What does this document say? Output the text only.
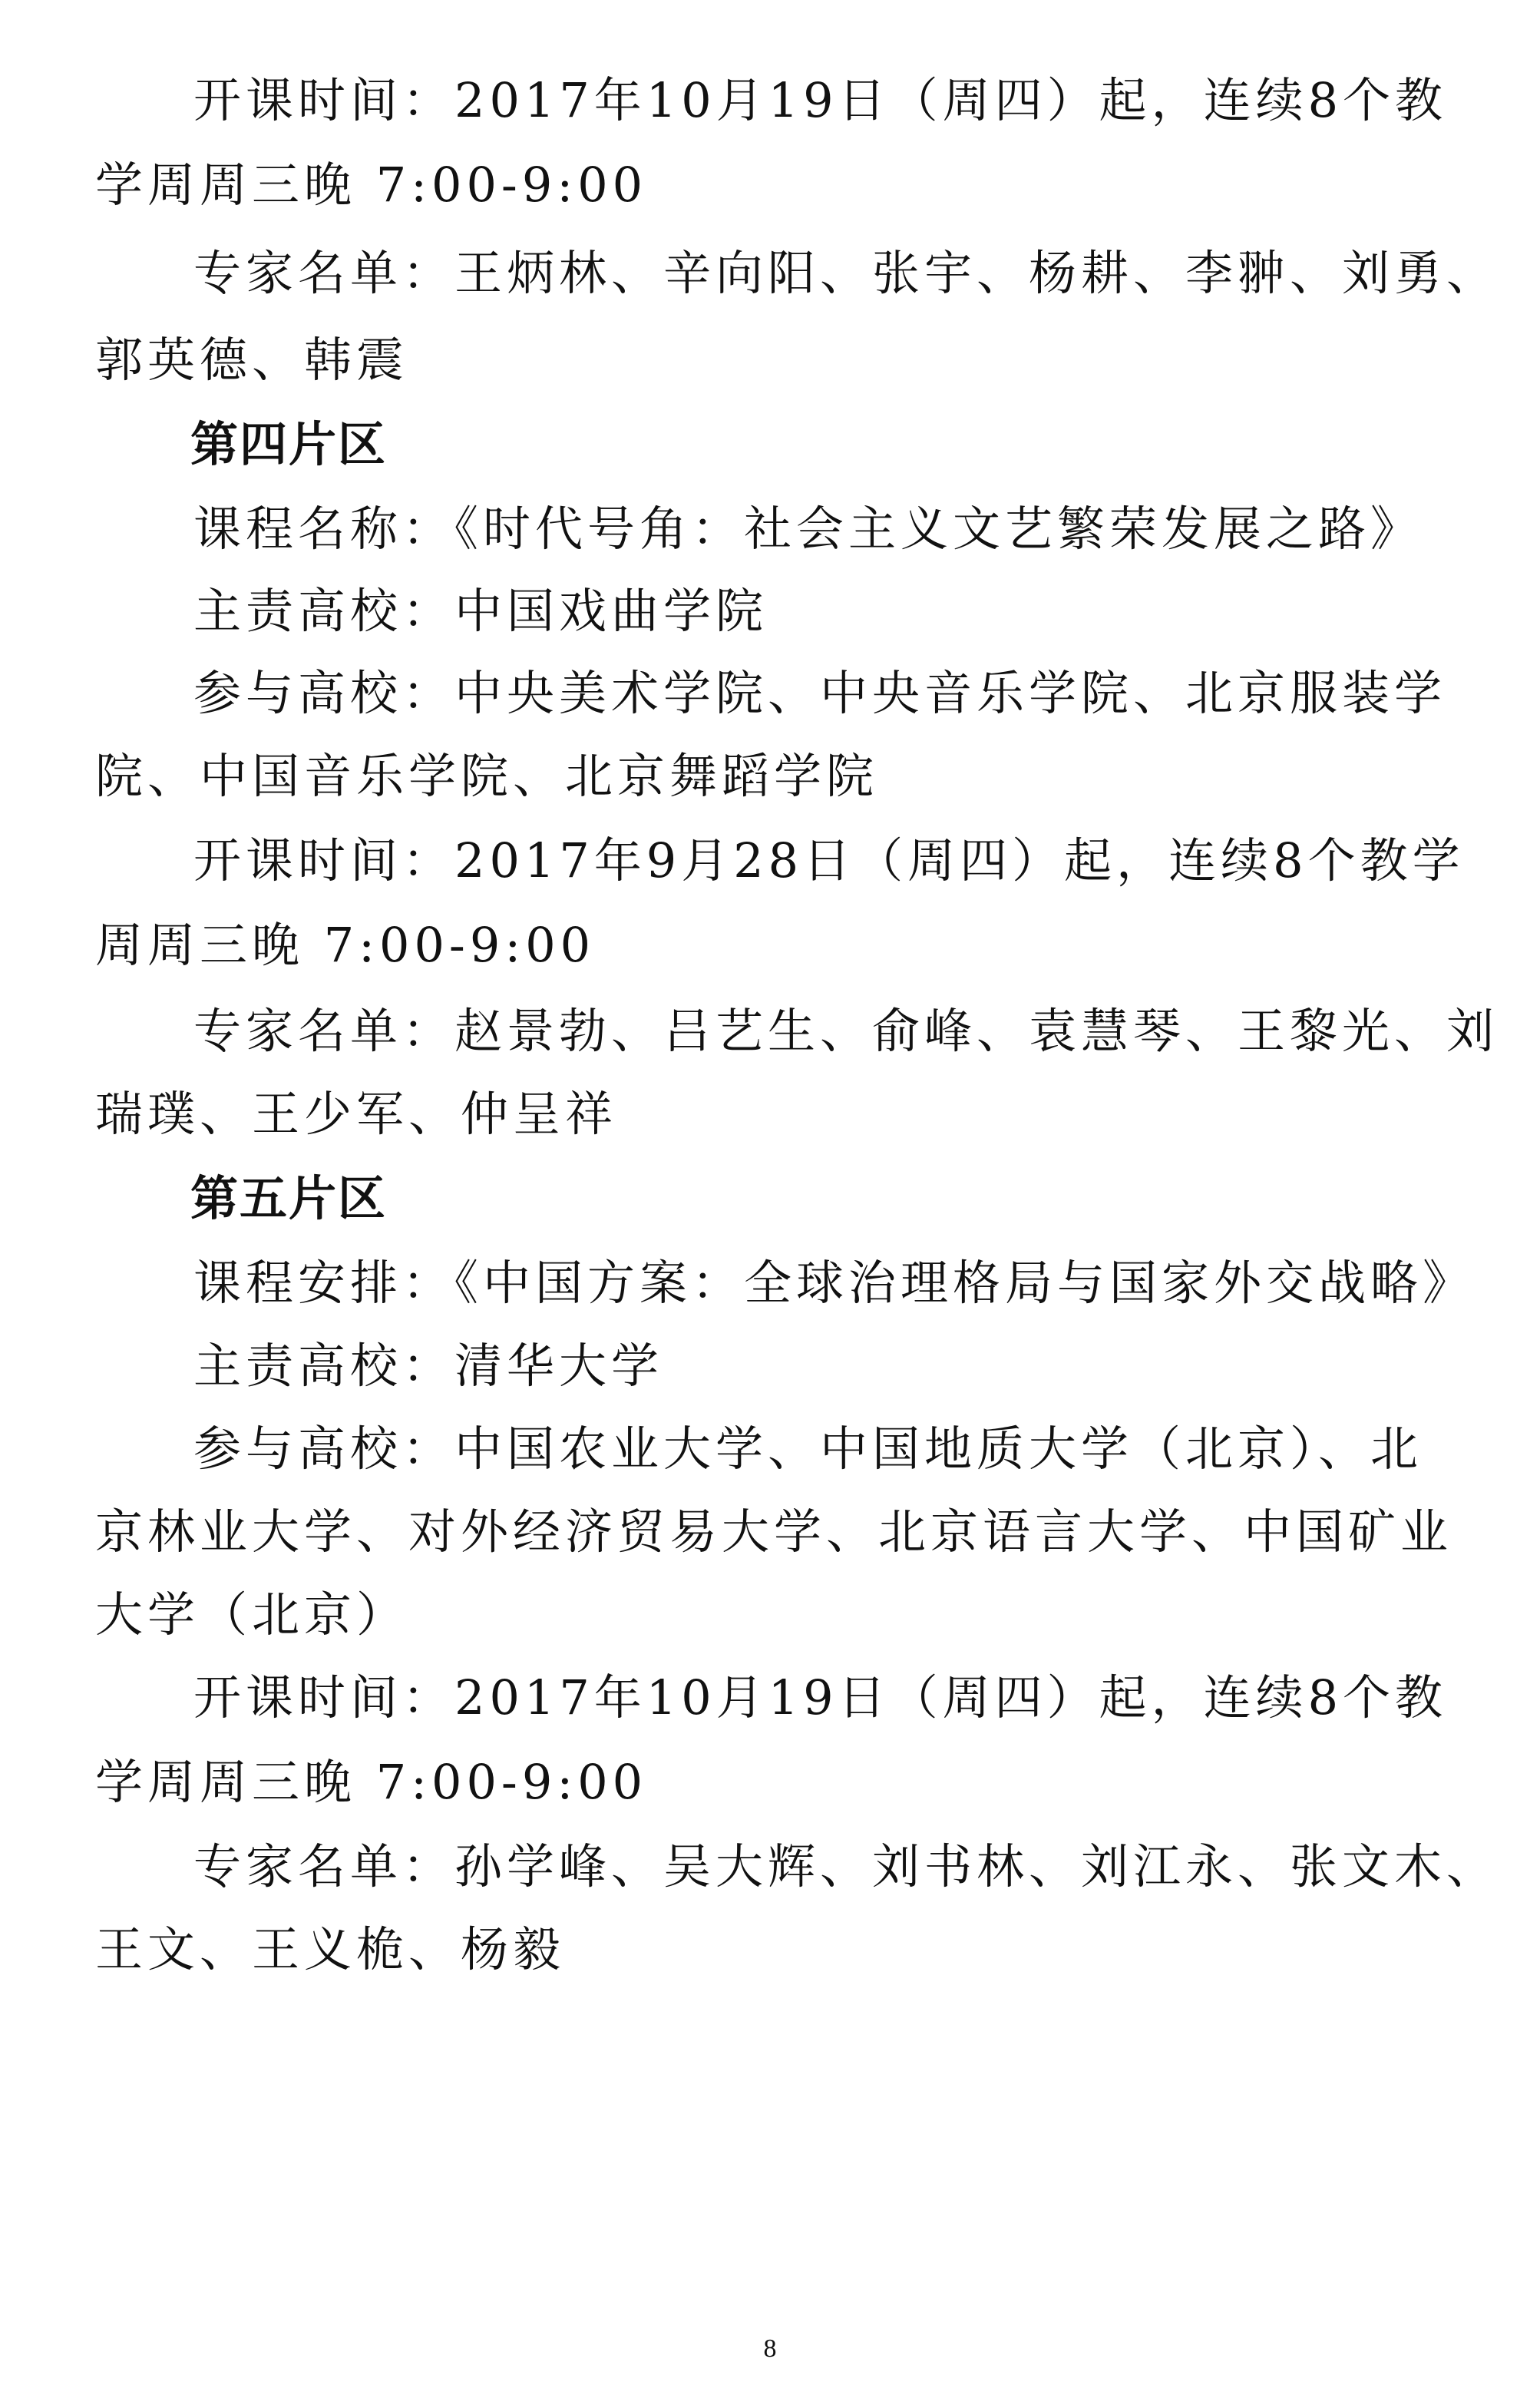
开课时间：2017年10月19日（周四）起，连续8个教
学周周三晚 7:00-9:00
专家名单：王炳林、辛向阳、张宇、杨耕、李翀、刘勇、
郭英德、韩震
第四片区
课程名称：《时代号角：社会主义文艺繁荣发展之路》
主责高校：中国戏曲学院
参与高校：中央美术学院、中央音乐学院、北京服装学
院、中国音乐学院、北京舞蹈学院
开课时间：2017年9月28日（周四）起，连续8个教学
周周三晚 7:00-9:00
专家名单：赵景勃、吕艺生、俞峰、袁慧琴、王黎光、刘
瑞璞、王少军、仲呈祥
第五片区
课程安排：《中国方案：全球治理格局与国家外交战略》
主责高校：清华大学
参与高校：中国农业大学、中国地质大学（北京）、北
京林业大学、对外经济贸易大学、北京语言大学、中国矿业
大学（北京）
开课时间：2017年10月19日（周四）起，连续8个教
学周周三晚 7:00-9:00
专家名单：孙学峰、吴大辉、刘书林、刘江永、张文木、
王文、王义桅、杨毅
8
